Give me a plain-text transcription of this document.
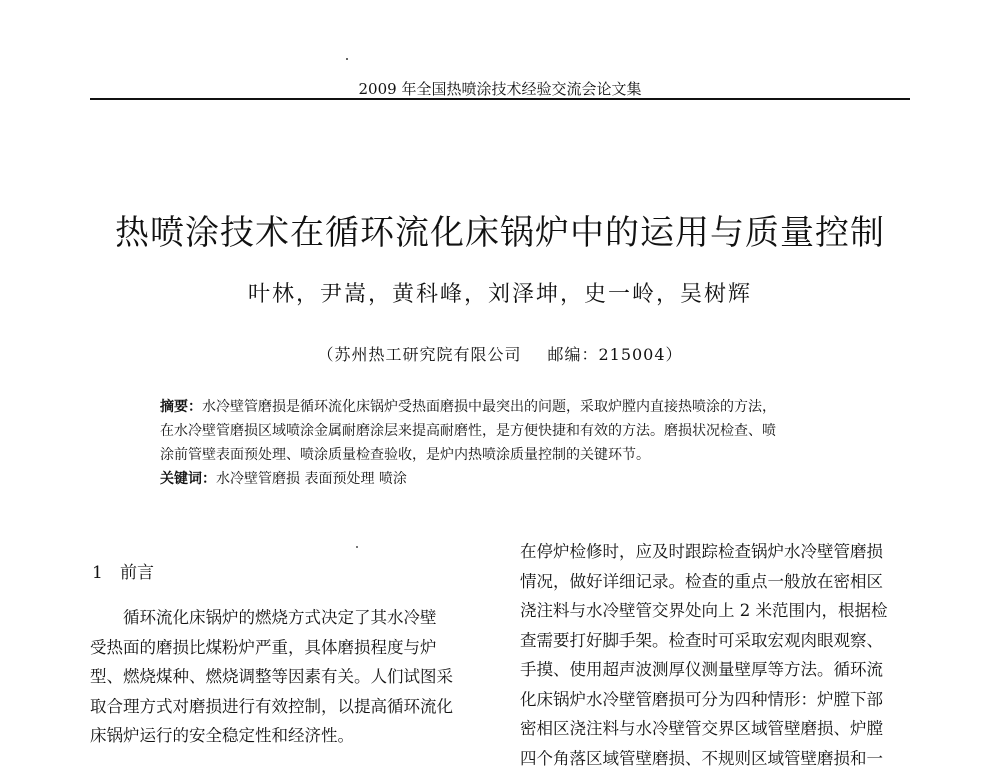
2009 年全国热喷涂技术经验交流会论文集
热喷涂技术在循环流化床锅炉中的运用与质量控制
叶林，尹嵩，黄科峰，刘泽坤，史一岭，吴树辉
（苏州热工研究院有限公司 邮编：215004）
摘要：水冷壁管磨损是循环流化床锅炉受热面磨损中最突出的问题，采取炉膛内直接热喷涂的方法，
在水冷壁管磨损区域喷涂金属耐磨涂层来提高耐磨性，是方便快捷和有效的方法。磨损状况检查、喷
涂前管壁表面预处理、喷涂质量检查验收，是炉内热喷涂质量控制的关键环节。
关键词：水冷壁管磨损 表面预处理 喷涂
1 前言
循环流化床锅炉的燃烧方式决定了其水冷壁
受热面的磨损比煤粉炉严重，具体磨损程度与炉
型、燃烧煤种、燃烧调整等因素有关。人们试图采
取合理方式对磨损进行有效控制，以提高循环流化
床锅炉运行的安全稳定性和经济性。
在停炉检修时，应及时跟踪检查锅炉水冷壁管磨损
情况，做好详细记录。检查的重点一般放在密相区
浇注料与水冷壁管交界处向上 2 米范围内，根据检
查需要打好脚手架。检查时可采取宏观肉眼观察、
手摸、使用超声波测厚仪测量壁厚等方法。循环流
化床锅炉水冷壁管磨损可分为四种情形：炉膛下部
密相区浇注料与水冷壁管交界区域管壁磨损、炉膛
四个角落区域管壁磨损、不规则区域管壁磨损和一
